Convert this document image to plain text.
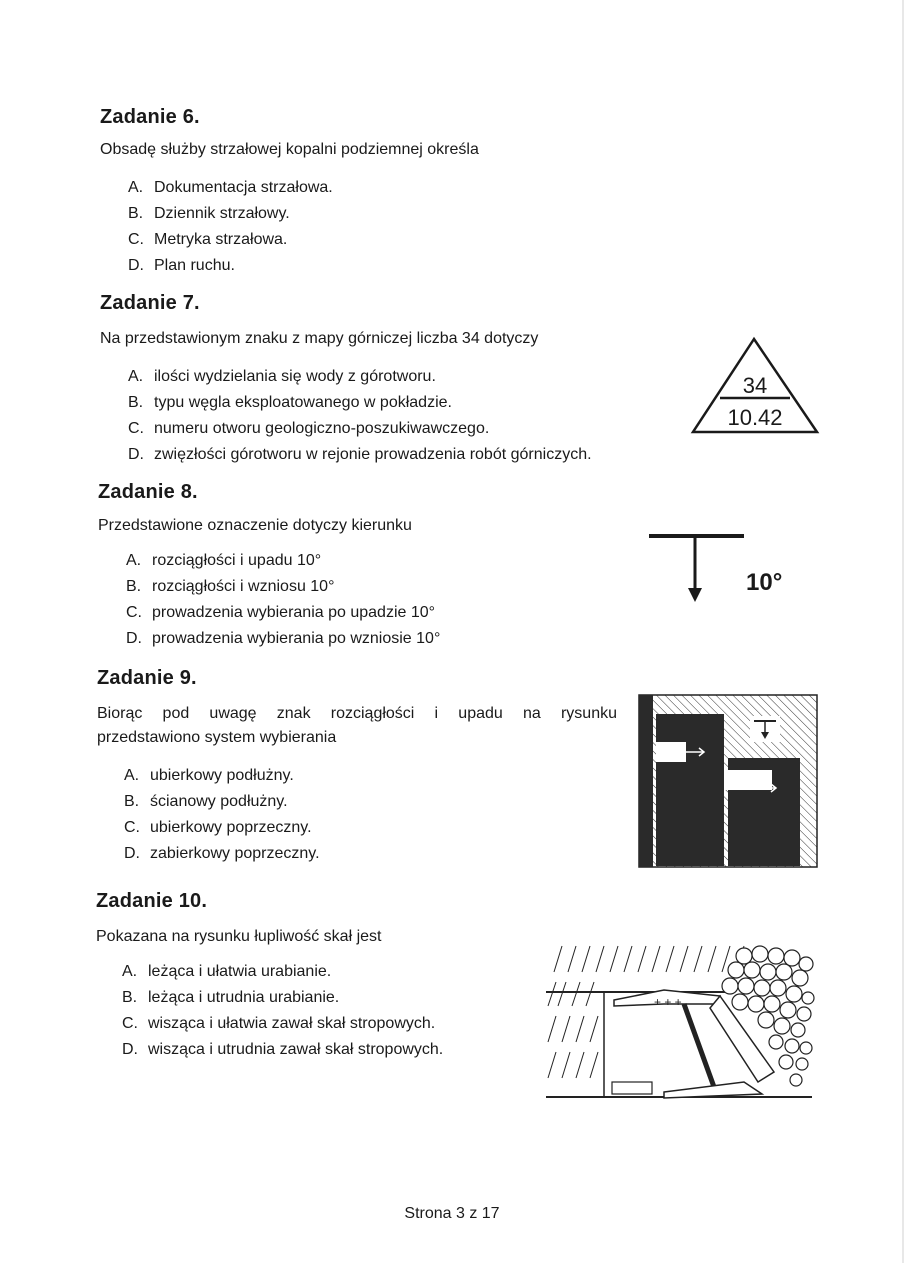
Zadanie 6.
Obsadę służby strzałowej kopalni podziemnej określa
A. Dokumentacja strzałowa.
B. Dziennik strzałowy.
C. Metryka strzałowa.
D. Plan ruchu.
Zadanie 7.
Na przedstawionym znaku z mapy górniczej liczba 34 dotyczy
A. ilości wydzielania się wody z górotworu.
B. typu węgla eksploatowanego w pokładzie.
C. numeru otworu geologiczno-poszukiwawczego.
D. zwięzłości górotworu w rejonie prowadzenia robót górniczych.
34
10.42
Zadanie 8.
Przedstawione oznaczenie dotyczy kierunku
A. rozciągłości i upadu 10°
B. rozciągłości i wzniosu 10°
C. prowadzenia wybierania po upadzie 10°
D. prowadzenia wybierania po wzniosie 10°
10°
Zadanie 9.
Biorąc pod uwagę znak rozciągłości i upadu na rysunku
przedstawiono system wybierania
A. ubierkowy podłużny.
B. ścianowy podłużny.
C. ubierkowy poprzeczny.
D. zabierkowy poprzeczny.
Zadanie 10.
Pokazana na rysunku łupliwość skał jest
A. leżąca i ułatwia urabianie.
B. leżąca i utrudnia urabianie.
C. wisząca i ułatwia zawał skał stropowych.
D. wisząca i utrudnia zawał skał stropowych.
+ + +
Strona 3 z 17
